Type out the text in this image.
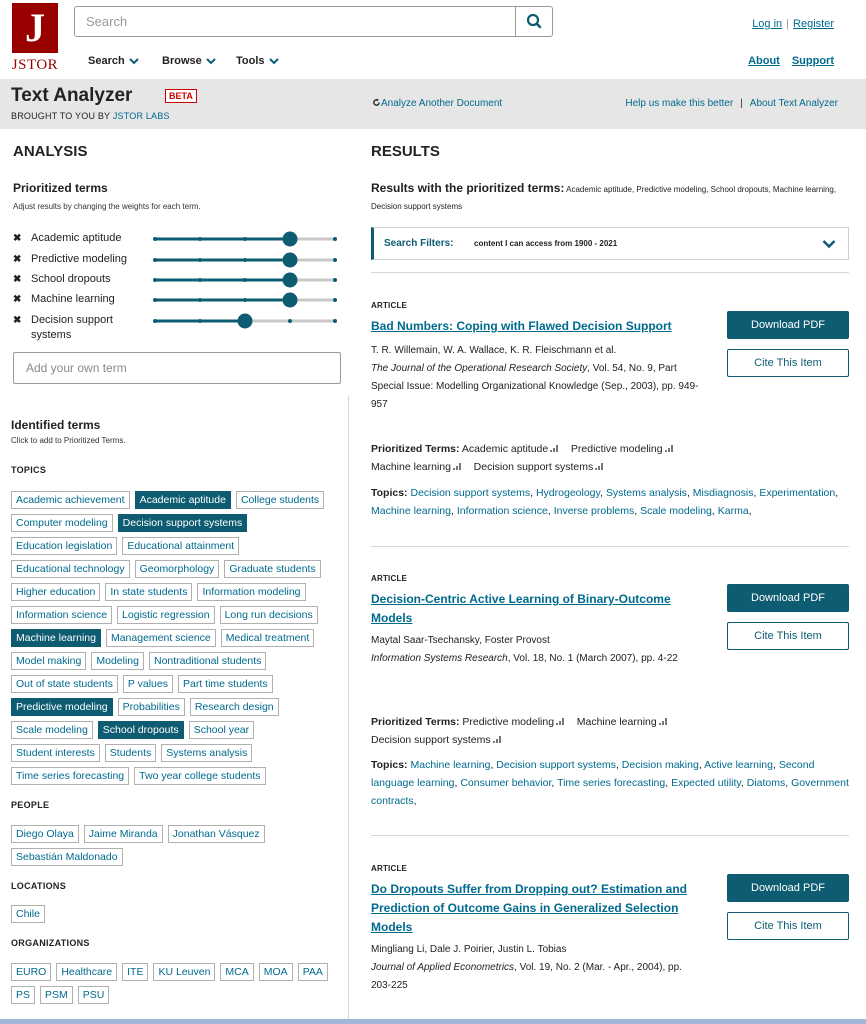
J
JSTOR
Search	Search	Browse	Tools
Log in | Register
About Support
Text Analyzer	BETA
BROUGHT TO YOU BY JSTOR LABS
Analyze Another Document	Help us make this better | About Text Analyzer
ANALYSIS
Prioritized terms
Adjust results by changing the weights for each term.
✖ Academic aptitude
✖ Predictive modeling
✖ School dropouts
✖ Machine learning
✖ Decision support systems
Add your own term
Identified terms
Click to add to Prioritized Terms.
TOPICS
Academic achievement	Academic aptitude	College students
Computer modeling	Decision support systems
Education legislation	Educational attainment
Educational technology	Geomorphology	Graduate students
Higher education	In state students	Information modeling
Information science	Logistic regression	Long run decisions
Machine learning	Management science	Medical treatment
Model making	Modeling	Nontraditional students
Out of state students	P values	Part time students
Predictive modeling	Probabilities	Research design
Scale modeling	School dropouts	School year
Student interests	Students	Systems analysis
Time series forecasting	Two year college students
PEOPLE
Diego Olaya	Jaime Miranda	Jonathan Vásquez
Sebastián Maldonado
LOCATIONS
Chile
ORGANIZATIONS
EURO	Healthcare	ITE	KU Leuven	MCA	MOA	PAA
PS	PSM	PSU
RESULTS
Results with the prioritized terms: Academic aptitude, Predictive modeling, School dropouts, Machine learning, Decision support systems
Search Filters:	content I can access from 1900 - 2021
ARTICLE
Bad Numbers: Coping with Flawed Decision Support
T. R. Willemain, W. A. Wallace, K. R. Fleischmann et al.
The Journal of the Operational Research Society, Vol. 54, No. 9, Part Special Issue: Modelling Organizational Knowledge (Sep., 2003), pp. 949-957
Prioritized Terms: Academic aptitude Predictive modeling    Machine learning Decision support systems
Topics: Decision support systems, Hydrogeology, Systems analysis, Misdiagnosis, Experimentation, Machine learning, Information science, Inverse problems, Scale modeling, Karma,
Download PDF
Cite This Item
ARTICLE
Decision-Centric Active Learning of Binary-Outcome Models
Maytal Saar-Tsechansky, Foster Provost
Information Systems Research, Vol. 18, No. 1 (March 2007), pp. 4-22
Prioritized Terms: Predictive modeling Machine learning    Decision support systems
Topics: Machine learning, Decision support systems, Decision making, Active learning, Second language learning, Consumer behavior, Time series forecasting, Expected utility, Diatoms, Government contracts,
Download PDF
Cite This Item
ARTICLE
Do Dropouts Suffer from Dropping out? Estimation and Prediction of Outcome Gains in Generalized Selection Models
Mingliang Li, Dale J. Poirier, Justin L. Tobias
Journal of Applied Econometrics, Vol. 19, No. 2 (Mar. - Apr., 2004), pp. 203-225
Download PDF
Cite This Item
